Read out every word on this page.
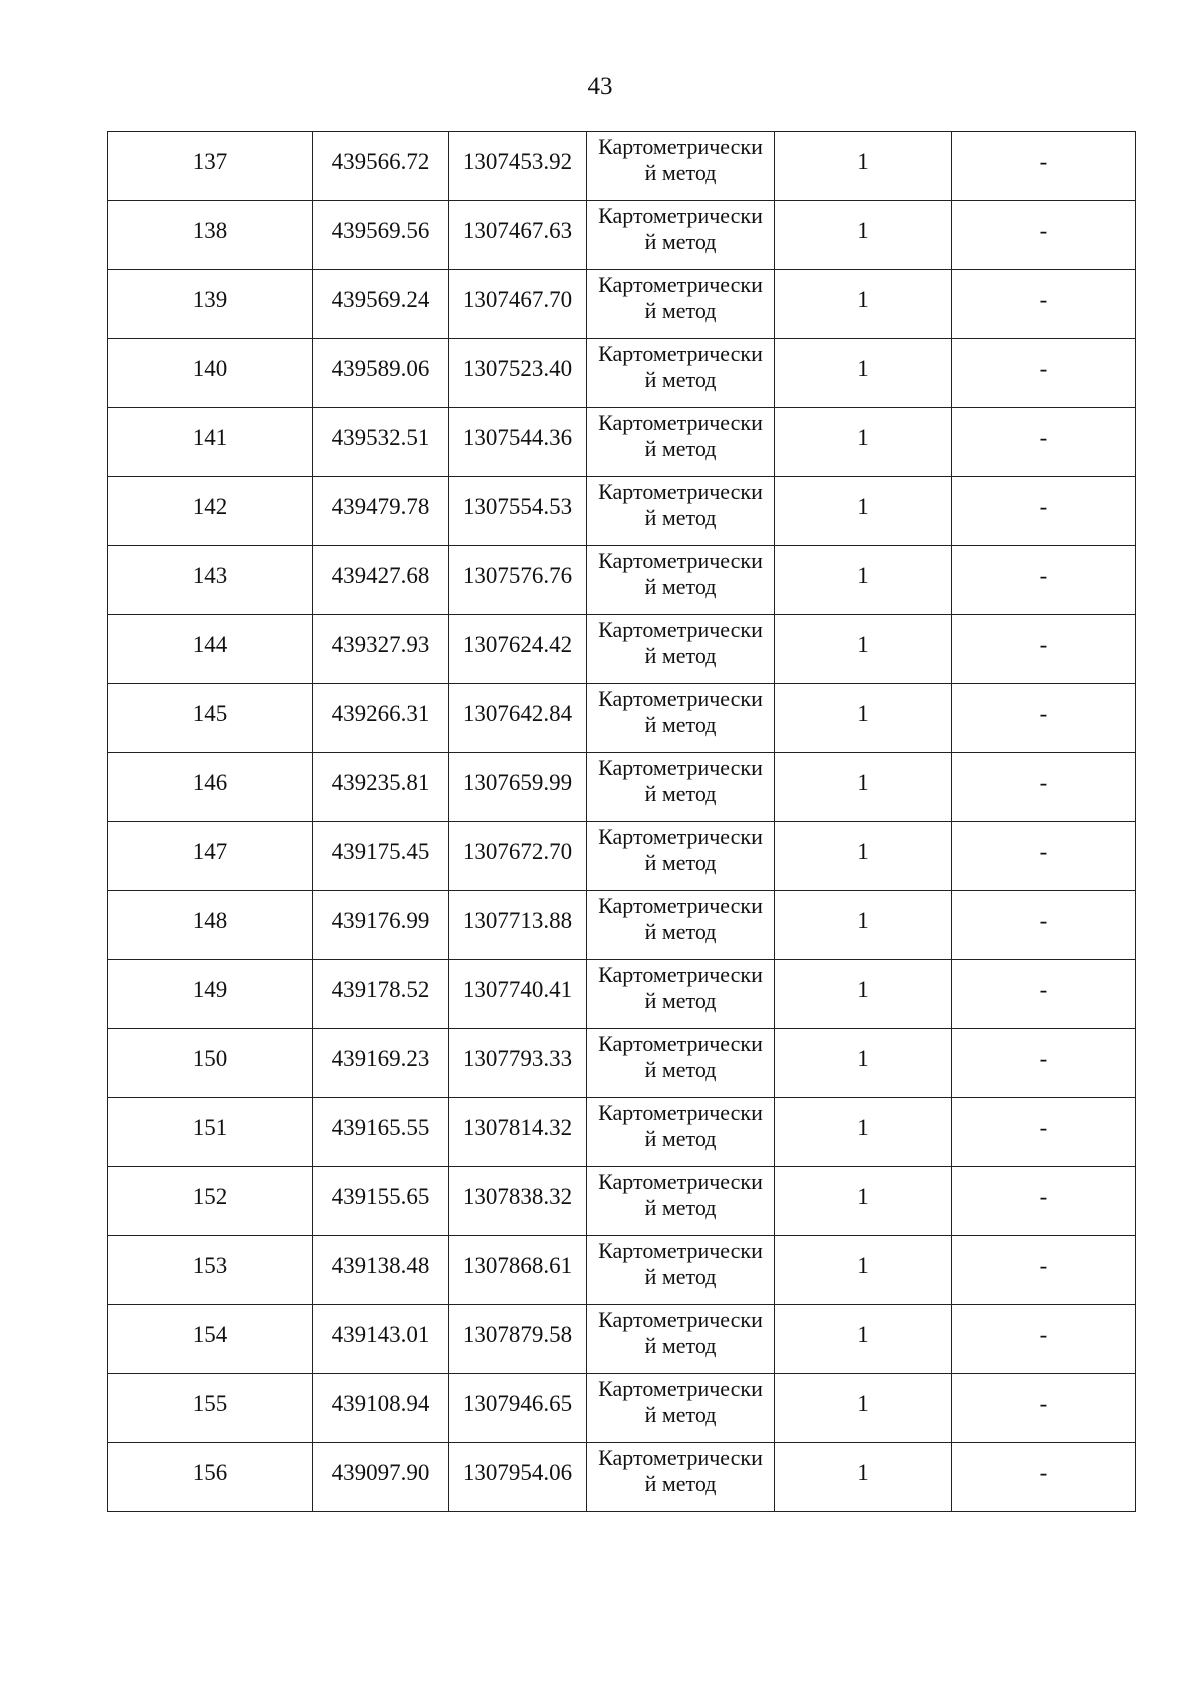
43
137	439566.72	1307453.92	Картометрически
й метод	1	-
138	439569.56	1307467.63	Картометрически
й метод	1	-
139	439569.24	1307467.70	Картометрически
й метод	1	-
140	439589.06	1307523.40	Картометрически
й метод	1	-
141	439532.51	1307544.36	Картометрически
й метод	1	-
142	439479.78	1307554.53	Картометрически
й метод	1	-
143	439427.68	1307576.76	Картометрически
й метод	1	-
144	439327.93	1307624.42	Картометрически
й метод	1	-
145	439266.31	1307642.84	Картометрически
й метод	1	-
146	439235.81	1307659.99	Картометрически
й метод	1	-
147	439175.45	1307672.70	Картометрически
й метод	1	-
148	439176.99	1307713.88	Картометрически
й метод	1	-
149	439178.52	1307740.41	Картометрически
й метод	1	-
150	439169.23	1307793.33	Картометрически
й метод	1	-
151	439165.55	1307814.32	Картометрически
й метод	1	-
152	439155.65	1307838.32	Картометрически
й метод	1	-
153	439138.48	1307868.61	Картометрически
й метод	1	-
154	439143.01	1307879.58	Картометрически
й метод	1	-
155	439108.94	1307946.65	Картометрически
й метод	1	-
156	439097.90	1307954.06	Картометрически
й метод	1	-
